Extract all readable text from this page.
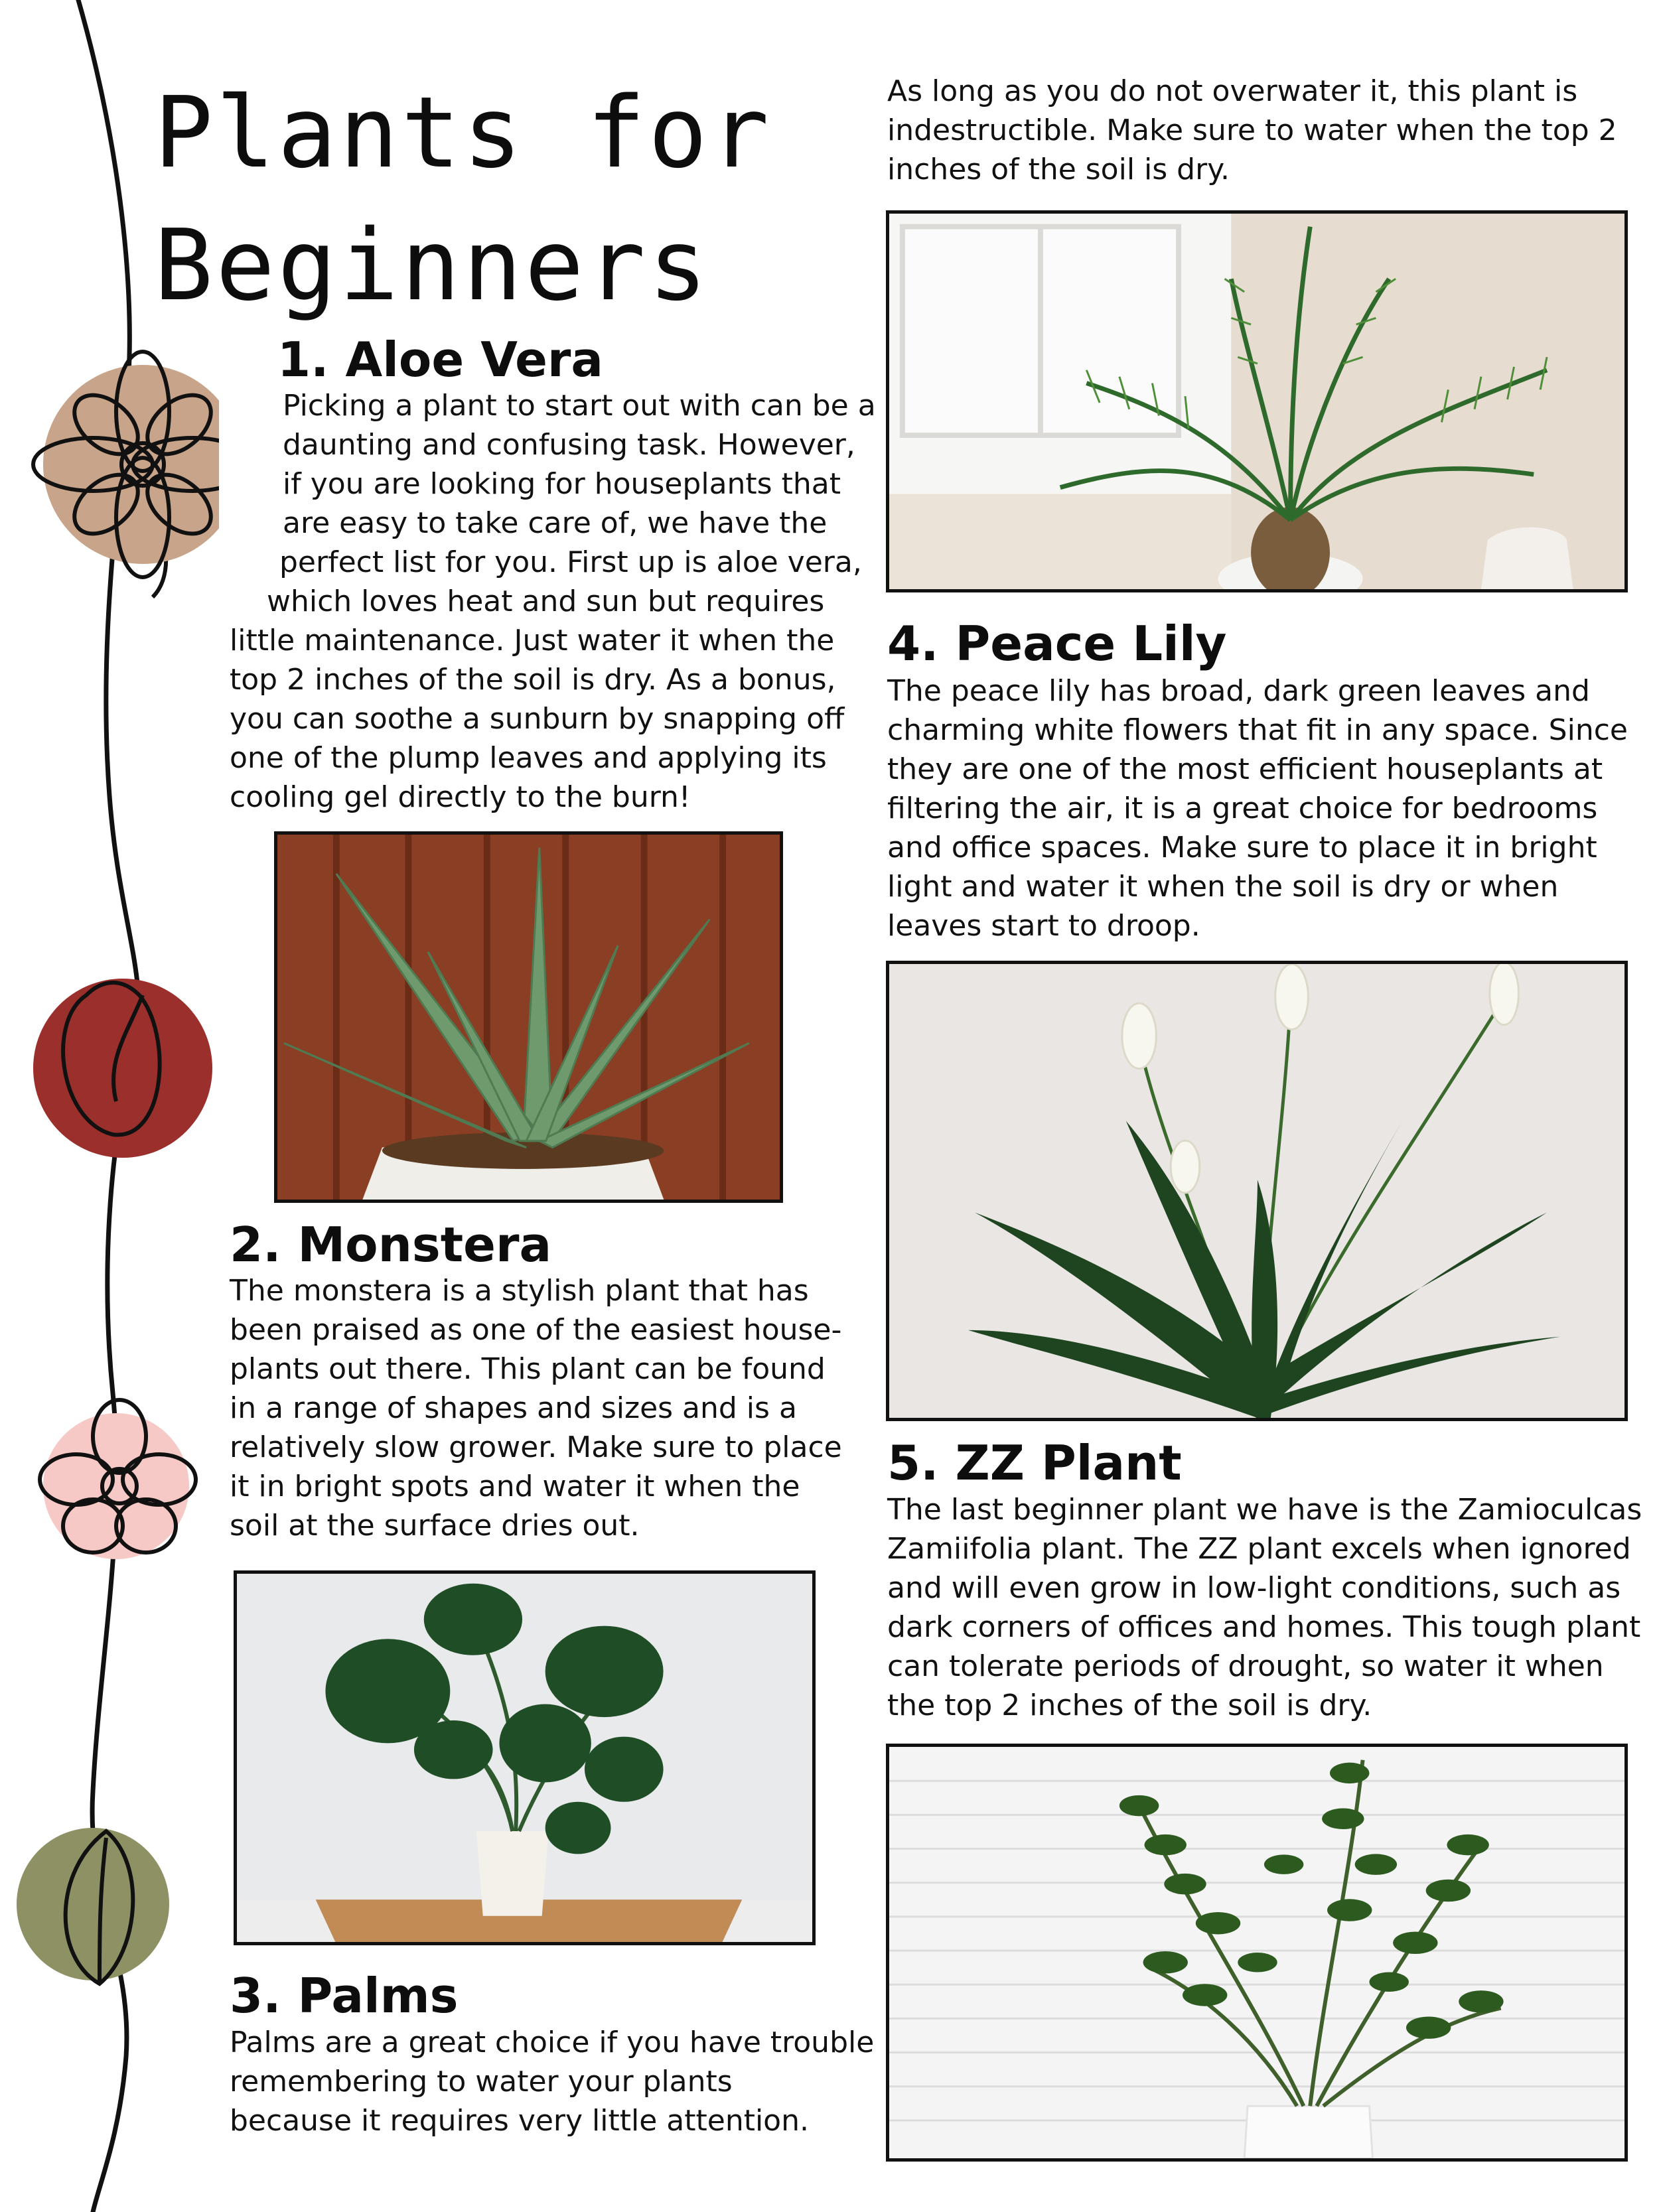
Plants for
Beginners
1. Aloe Vera
Picking a plant to start out with can be a
daunting and confusing task. However,
if you are looking for houseplants that
are easy to take care of, we have the
perfect list for you. First up is aloe vera,
which loves heat and sun but requires
little maintenance. Just water it when the
top 2 inches of the soil is dry. As a bonus,
you can soothe a sunburn by snapping off
one of the plump leaves and applying its
cooling gel directly to the burn!
2. Monstera
The monstera is a stylish plant that has
been praised as one of the easiest house-
plants out there. This plant can be found
in a range of shapes and sizes and is a
relatively slow grower. Make sure to place
it in bright spots and water it when the
soil at the surface dries out.
3. Palms
Palms are a great choice if you have trouble
remembering to water your plants
because it requires very little attention.
As long as you do not overwater it, this plant is
indestructible. Make sure to water when the top 2
inches of the soil is dry.
4. Peace Lily
The peace lily has broad, dark green leaves and
charming white flowers that fit in any space. Since
they are one of the most efficient houseplants at
filtering the air, it is a great choice for bedrooms
and office spaces. Make sure to place it in bright
light and water it when the soil is dry or when
leaves start to droop.
5. ZZ Plant
The last beginner plant we have is the Zamioculcas
Zamiifolia plant. The ZZ plant excels when ignored
and will even grow in low-light conditions, such as
dark corners of offices and homes. This tough plant
can tolerate periods of drought, so water it when
the top 2 inches of the soil is dry.
